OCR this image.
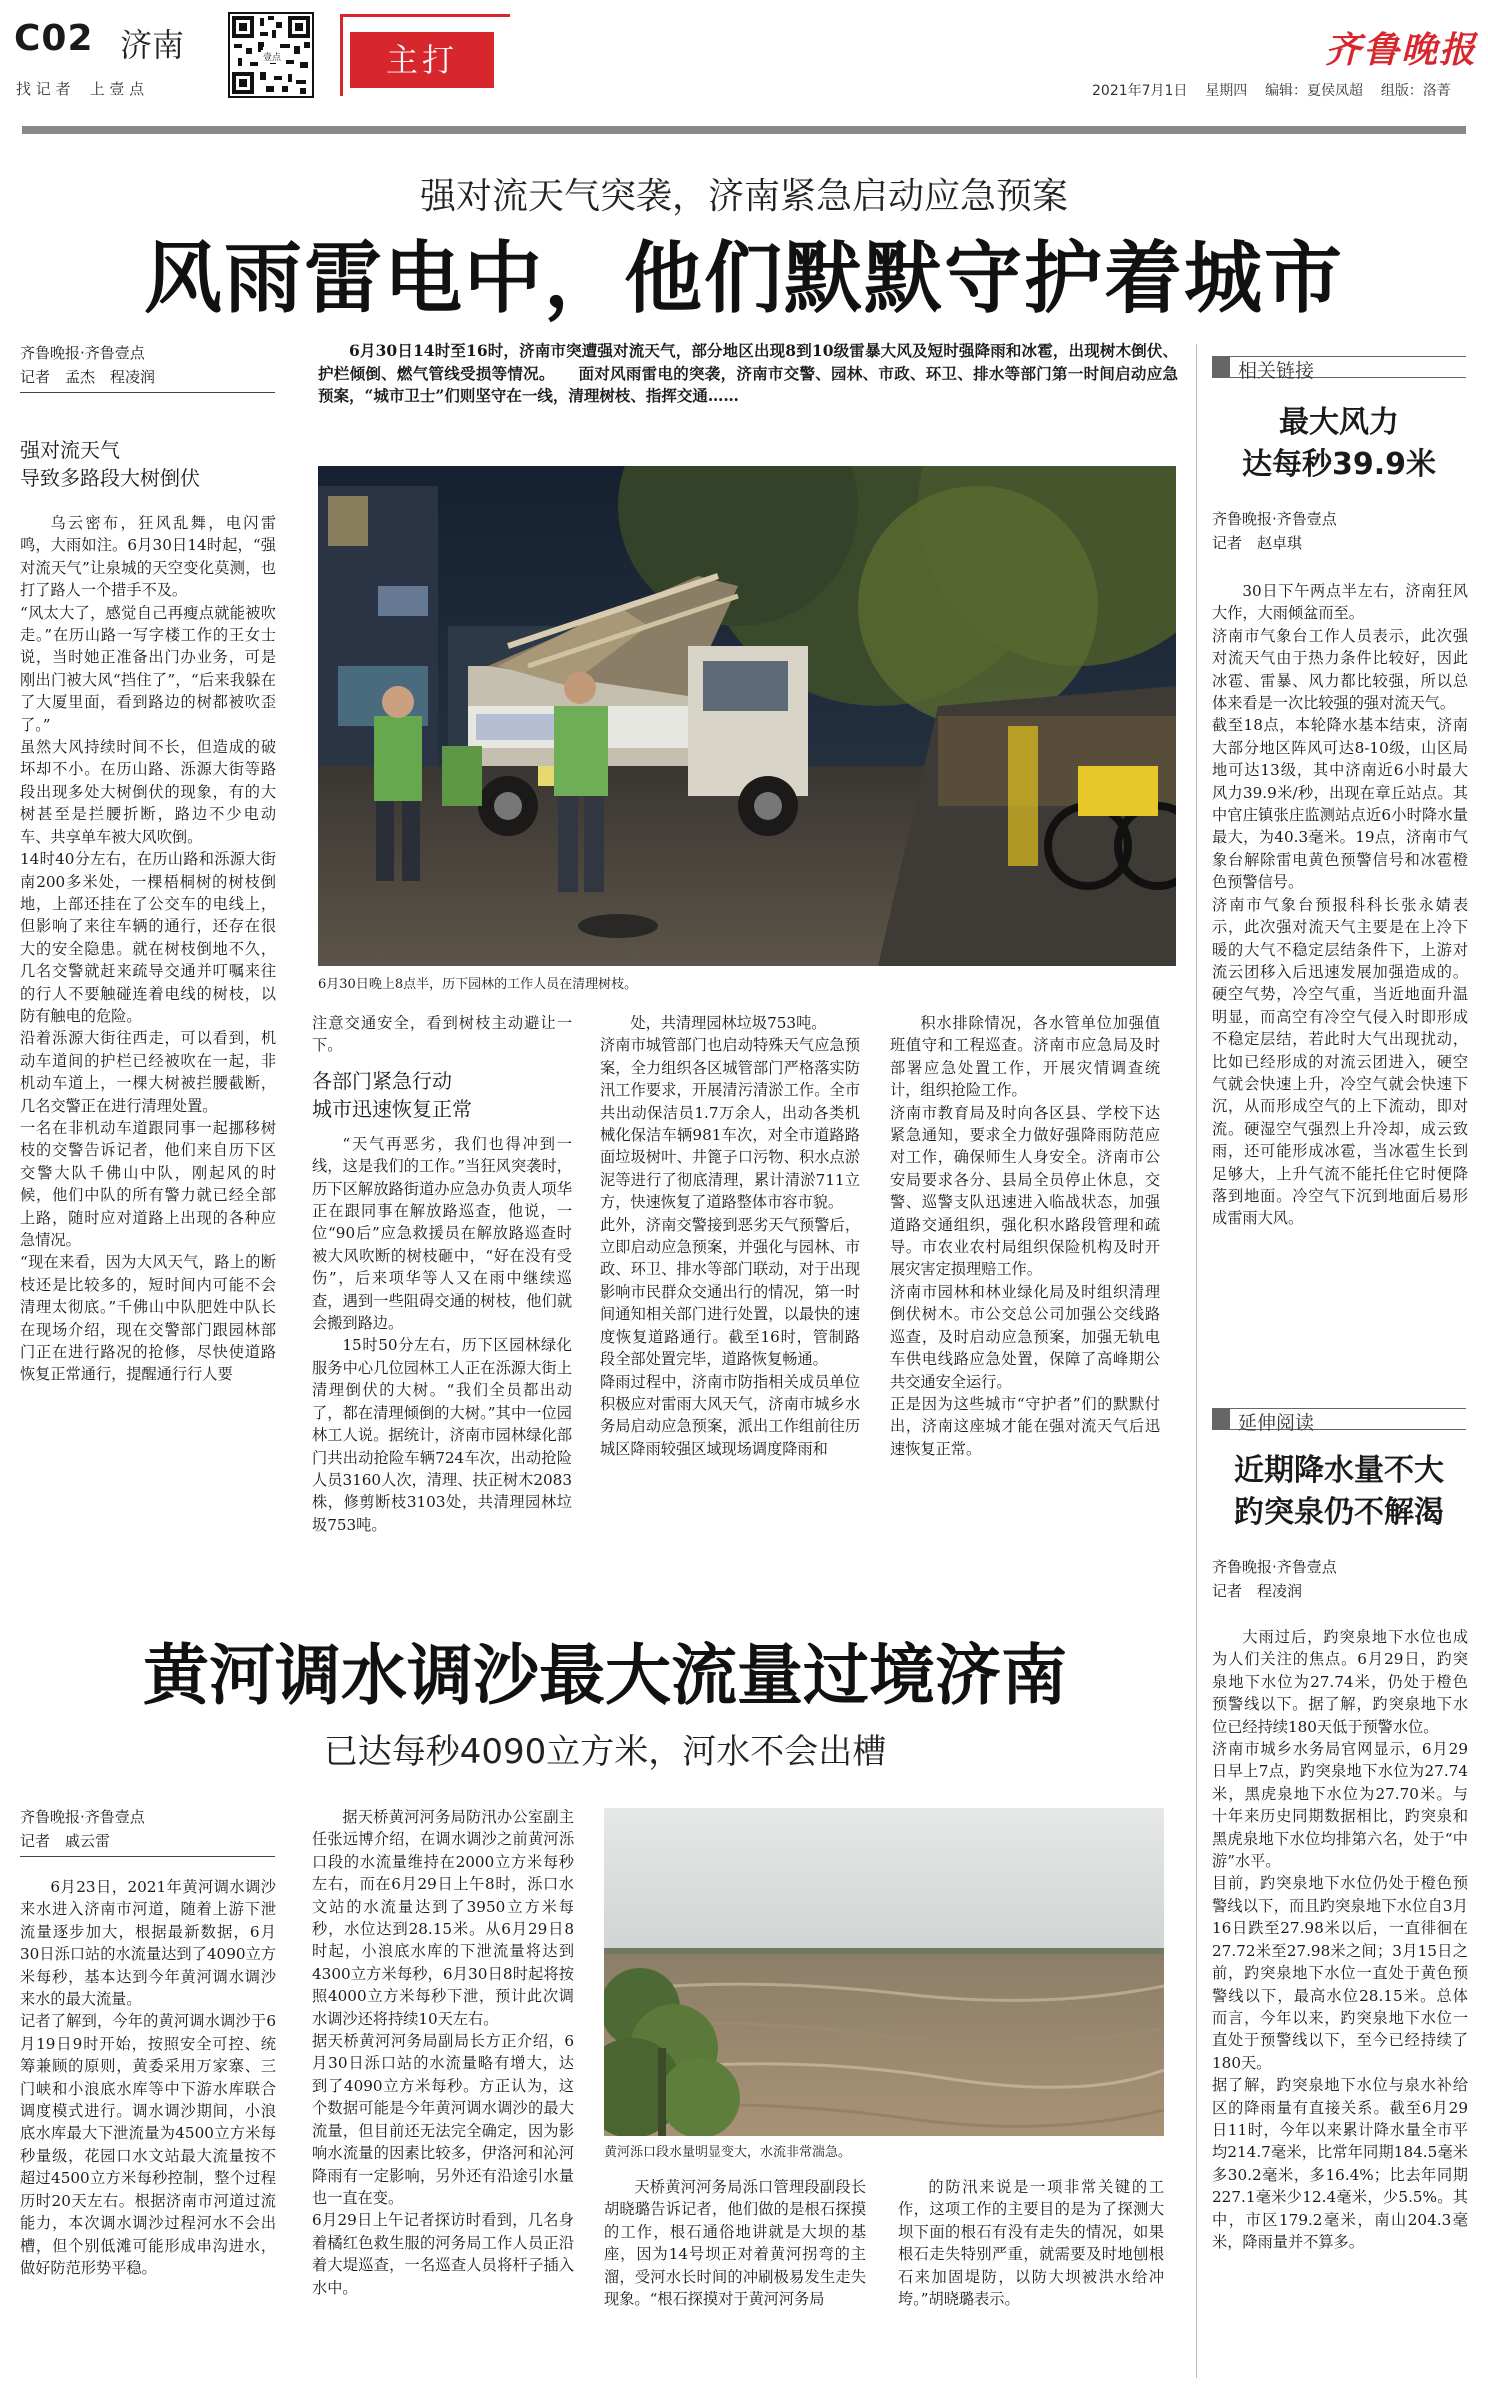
C02 济南
找 记 者    上 壹 点
壹点	主打	齐鲁晚报
2021年7月1日    星期四    编辑：夏侯凤超    组版：洛菁
强对流天气突袭，济南紧急启动应急预案
风雨雷电中，他们默默守护着城市
齐鲁晚报·齐鲁壹点
记者　孟杰　程凌润
6月30日14时至16时，济南市突遭强对流天气，部分地区出现8到10级雷暴大风及短时强降雨和冰雹，出现树木倒伏、护栏倾倒、燃气管线受损等情况。　　面对风雨雷电的突袭，济南市交警、园林、市政、环卫、排水等部门第一时间启动应急预案，“城市卫士”们则坚守在一线，清理树枝、指挥交通……
强对流天气
导致多路段大树倒伏
乌云密布，狂风乱舞，电闪雷鸣，大雨如注。6月30日14时起，“强对流天气”让泉城的天空变化莫测，也打了路人一个措手不及。
“风太大了，感觉自己再瘦点就能被吹走。”在历山路一写字楼工作的王女士说，当时她正准备出门办业务，可是刚出门被大风“挡住了”，“后来我躲在了大厦里面，看到路边的树都被吹歪了。”
虽然大风持续时间不长，但造成的破坏却不小。在历山路、泺源大街等路段出现多处大树倒伏的现象，有的大树甚至是拦腰折断，路边不少电动车、共享单车被大风吹倒。
14时40分左右，在历山路和泺源大街南200多米处，一棵梧桐树的树枝倒地，上部还挂在了公交车的电线上，但影响了来往车辆的通行，还存在很大的安全隐患。就在树枝倒地不久，几名交警就赶来疏导交通并叮嘱来往的行人不要触碰连着电线的树枝，以防有触电的危险。
沿着泺源大街往西走，可以看到，机动车道间的护栏已经被吹在一起，非机动车道上，一棵大树被拦腰截断，几名交警正在进行清理处置。
一名在非机动车道跟同事一起挪移树枝的交警告诉记者，他们来自历下区交警大队千佛山中队，刚起风的时候，他们中队的所有警力就已经全部上路，随时应对道路上出现的各种应急情况。
“现在来看，因为大风天气，路上的断枝还是比较多的，短时间内可能不会清理太彻底。”千佛山中队肥姓中队长在现场介绍，现在交警部门跟园林部门正在进行路况的抢修，尽快使道路恢复正常通行，提醒通行行人要
6月30日晚上8点半，历下园林的工作人员在清理树枝。
各部门紧急行动
城市迅速恢复正常
注意交通安全，看到树枝主动避让一下。
“天气再恶劣，我们也得冲到一线，这是我们的工作。”当狂风突袭时，历下区解放路街道办应急办负责人项华正在跟同事在解放路巡查，他说，一位“90后”应急救援员在解放路巡查时被大风吹断的树枝砸中，“好在没有受伤”，后来项华等人又在雨中继续巡查，遇到一些阻碍交通的树枝，他们就会搬到路边。
15时50分左右，历下区园林绿化服务中心几位园林工人正在泺源大街上清理倒伏的大树。“我们全员都出动了，都在清理倾倒的大树。”其中一位园林工人说。据统计，济南市园林绿化部门共出动抢险车辆724车次，出动抢险人员3160人次，清理、扶正树木2083株，修剪断枝3103处，共清理园林垃圾753吨。
处，共清理园林垃圾753吨。
济南市城管部门也启动特殊天气应急预案，全力组织各区城管部门严格落实防汛工作要求，开展清污清淤工作。全市共出动保洁员1.7万余人，出动各类机械化保洁车辆981车次，对全市道路路面垃圾树叶、井篦子口污物、积水点淤泥等进行了彻底清理，累计清淤711立方，快速恢复了道路整体市容市貌。
此外，济南交警接到恶劣天气预警后，立即启动应急预案，并强化与园林、市政、环卫、排水等部门联动，对于出现影响市民群众交通出行的情况，第一时间通知相关部门进行处置，以最快的速度恢复道路通行。截至16时，管制路段全部处置完毕，道路恢复畅通。
降雨过程中，济南市防指相关成员单位积极应对雷雨大风天气，济南市城乡水务局启动应急预案，派出工作组前往历城区降雨较强区域现场调度降雨和
积水排除情况，各水管单位加强值班值守和工程巡查。济南市应急局及时部署应急处置工作，开展灾情调查统计，组织抢险工作。
济南市教育局及时向各区县、学校下达紧急通知，要求全力做好强降雨防范应对工作，确保师生人身安全。济南市公安局要求各分、县局全员停止休息，交警、巡警支队迅速进入临战状态，加强道路交通组织，强化积水路段管理和疏导。市农业农村局组织保险机构及时开展灾害定损理赔工作。
济南市园林和林业绿化局及时组织清理倒伏树木。市公交总公司加强公交线路巡查，及时启动应急预案，加强无轨电车供电线路应急处置，保障了高峰期公共交通安全运行。
正是因为这些城市“守护者”们的默默付出，济南这座城才能在强对流天气后迅速恢复正常。
相关链接
最大风力
达每秒39.9米
齐鲁晚报·齐鲁壹点
记者　赵卓琪
30日下午两点半左右，济南狂风大作，大雨倾盆而至。
济南市气象台工作人员表示，此次强对流天气由于热力条件比较好，因此冰雹、雷暴、风力都比较强，所以总体来看是一次比较强的强对流天气。
截至18点，本轮降水基本结束，济南大部分地区阵风可达8-10级，山区局地可达13级，其中济南近6小时最大风力39.9米/秒，出现在章丘站点。其中官庄镇张庄监测站点近6小时降水量最大，为40.3毫米。19点，济南市气象台解除雷电黄色预警信号和冰雹橙色预警信号。
济南市气象台预报科科长张永婧表示，此次强对流天气主要是在上冷下暖的大气不稳定层结条件下，上游对流云团移入后迅速发展加强造成的。硬空气势，冷空气重，当近地面升温明显，而高空有冷空气侵入时即形成不稳定层结，若此时大气出现扰动，比如已经形成的对流云团进入，硬空气就会快速上升，冷空气就会快速下沉，从而形成空气的上下流动，即对流。硬湿空气强烈上升冷却，成云致雨，还可能形成冰雹，当冰雹生长到足够大，上升气流不能托住它时便降落到地面。冷空气下沉到地面后易形成雷雨大风。
延伸阅读
近期降水量不大
趵突泉仍不解渴
齐鲁晚报·齐鲁壹点
记者　程凌润
大雨过后，趵突泉地下水位也成为人们关注的焦点。6月29日，趵突泉地下水位为27.74米，仍处于橙色预警线以下。据了解，趵突泉地下水位已经持续180天低于预警水位。
济南市城乡水务局官网显示，6月29日早上7点，趵突泉地下水位为27.74米，黑虎泉地下水位为27.70米。与十年来历史同期数据相比，趵突泉和黑虎泉地下水位均排第六名，处于“中游”水平。
目前，趵突泉地下水位仍处于橙色预警线以下，而且趵突泉地下水位自3月16日跌至27.98米以后，一直徘徊在27.72米至27.98米之间；3月15日之前，趵突泉地下水位一直处于黄色预警线以下，最高水位28.15米。总体而言，今年以来，趵突泉地下水位一直处于预警线以下，至今已经持续了180天。
据了解，趵突泉地下水位与泉水补给区的降雨量有直接关系。截至6月29日11时，今年以来累计降水量全市平均214.7毫米，比常年同期184.5毫米多30.2毫米，多16.4%；比去年同期227.1毫米少12.4毫米，少5.5%。其中，市区179.2毫米，南山204.3毫米，降雨量并不算多。
黄河调水调沙最大流量过境济南
已达每秒4090立方米，河水不会出槽
齐鲁晚报·齐鲁壹点
记者　戚云雷
6月23日，2021年黄河调水调沙来水进入济南市河道，随着上游下泄流量逐步加大，根据最新数据，6月30日泺口站的水流量达到了4090立方米每秒，基本达到今年黄河调水调沙来水的最大流量。
记者了解到，今年的黄河调水调沙于6月19日9时开始，按照安全可控、统筹兼顾的原则，黄委采用万家寨、三门峡和小浪底水库等中下游水库联合调度模式进行。调水调沙期间，小浪底水库最大下泄流量为4500立方米每秒量级，花园口水文站最大流量按不超过4500立方米每秒控制，整个过程历时20天左右。根据济南市河道过流能力，本次调水调沙过程河水不会出槽，但个别低滩可能形成串沟进水，做好防范形势平稳。
据天桥黄河河务局防汛办公室副主任张远博介绍，在调水调沙之前黄河泺口段的水流量维持在2000立方米每秒左右，而在6月29日上午8时，泺口水文站的水流量达到了3950立方米每秒，水位达到28.15米。从6月29日8时起，小浪底水库的下泄流量将达到4300立方米每秒，6月30日8时起将按照4000立方米每秒下泄，预计此次调水调沙还将持续10天左右。
据天桥黄河河务局副局长方正介绍，6月30日泺口站的水流量略有增大，达到了4090立方米每秒。方正认为，这个数据可能是今年黄河调水调沙的最大流量，但目前还无法完全确定，因为影响水流量的因素比较多，伊洛河和沁河降雨有一定影响，另外还有沿途引水量也一直在变。
6月29日上午记者探访时看到，几名身着橘红色救生服的河务局工作人员正沿着大堤巡查，一名巡查人员将杆子插入水中。
黄河泺口段水量明显变大，水流非常湍急。
天桥黄河河务局泺口管理段副段长胡晓璐告诉记者，他们做的是根石探摸的工作，根石通俗地讲就是大坝的基座，因为14号坝正对着黄河拐弯的主溜，受河水长时间的冲刷极易发生走失现象。“根石探摸对于黄河河务局
的防汛来说是一项非常关键的工作，这项工作的主要目的是为了探测大坝下面的根石有没有走失的情况，如果根石走失特别严重，就需要及时地刨根石来加固堤防，以防大坝被洪水给冲垮。”胡晓璐表示。
